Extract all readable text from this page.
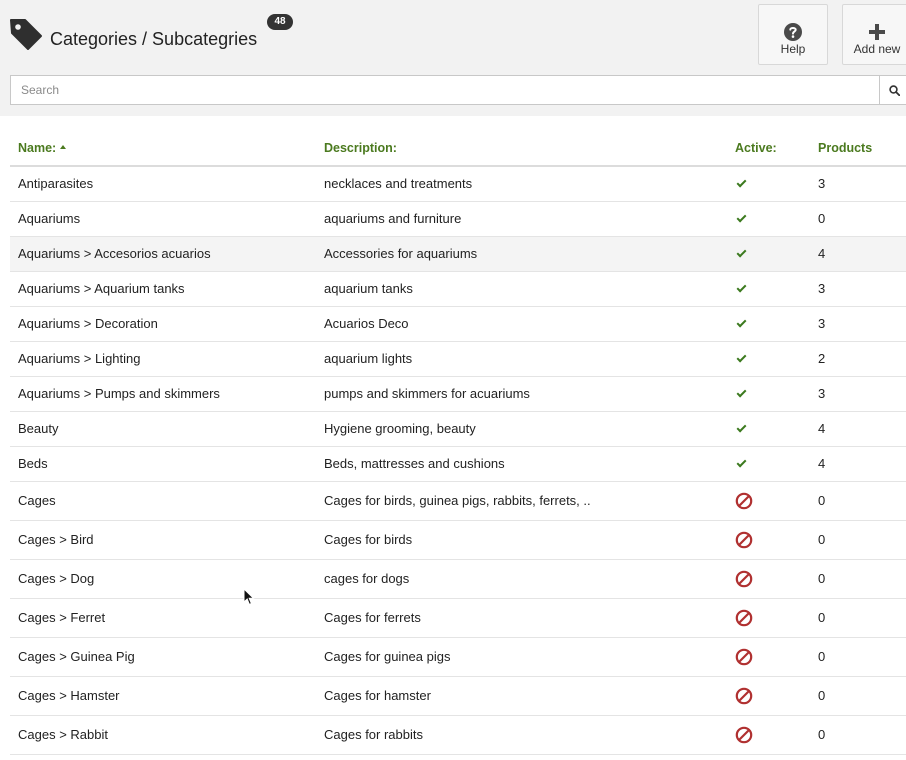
Categories / Subcategries
48
Help	Add new
Search
Name:	Description:	Active:	Products
Antiparasites	necklaces and treatments		3
Aquariums	aquariums and furniture		0
Aquariums > Accesorios acuarios	Accessories for aquariums		4
Aquariums > Aquarium tanks	aquarium tanks		3
Aquariums > Decoration	Acuarios Deco		3
Aquariums > Lighting	aquarium lights		2
Aquariums > Pumps and skimmers	pumps and skimmers for acuariums		3
Beauty	Hygiene grooming, beauty		4
Beds	Beds, mattresses and cushions		4
Cages	Cages for birds, guinea pigs, rabbits, ferrets, ..		0
Cages > Bird	Cages for birds		0
Cages > Dog	cages for dogs		0
Cages > Ferret	Cages for ferrets		0
Cages > Guinea Pig	Cages for guinea pigs		0
Cages > Hamster	Cages for hamster		0
Cages > Rabbit	Cages for rabbits		0
